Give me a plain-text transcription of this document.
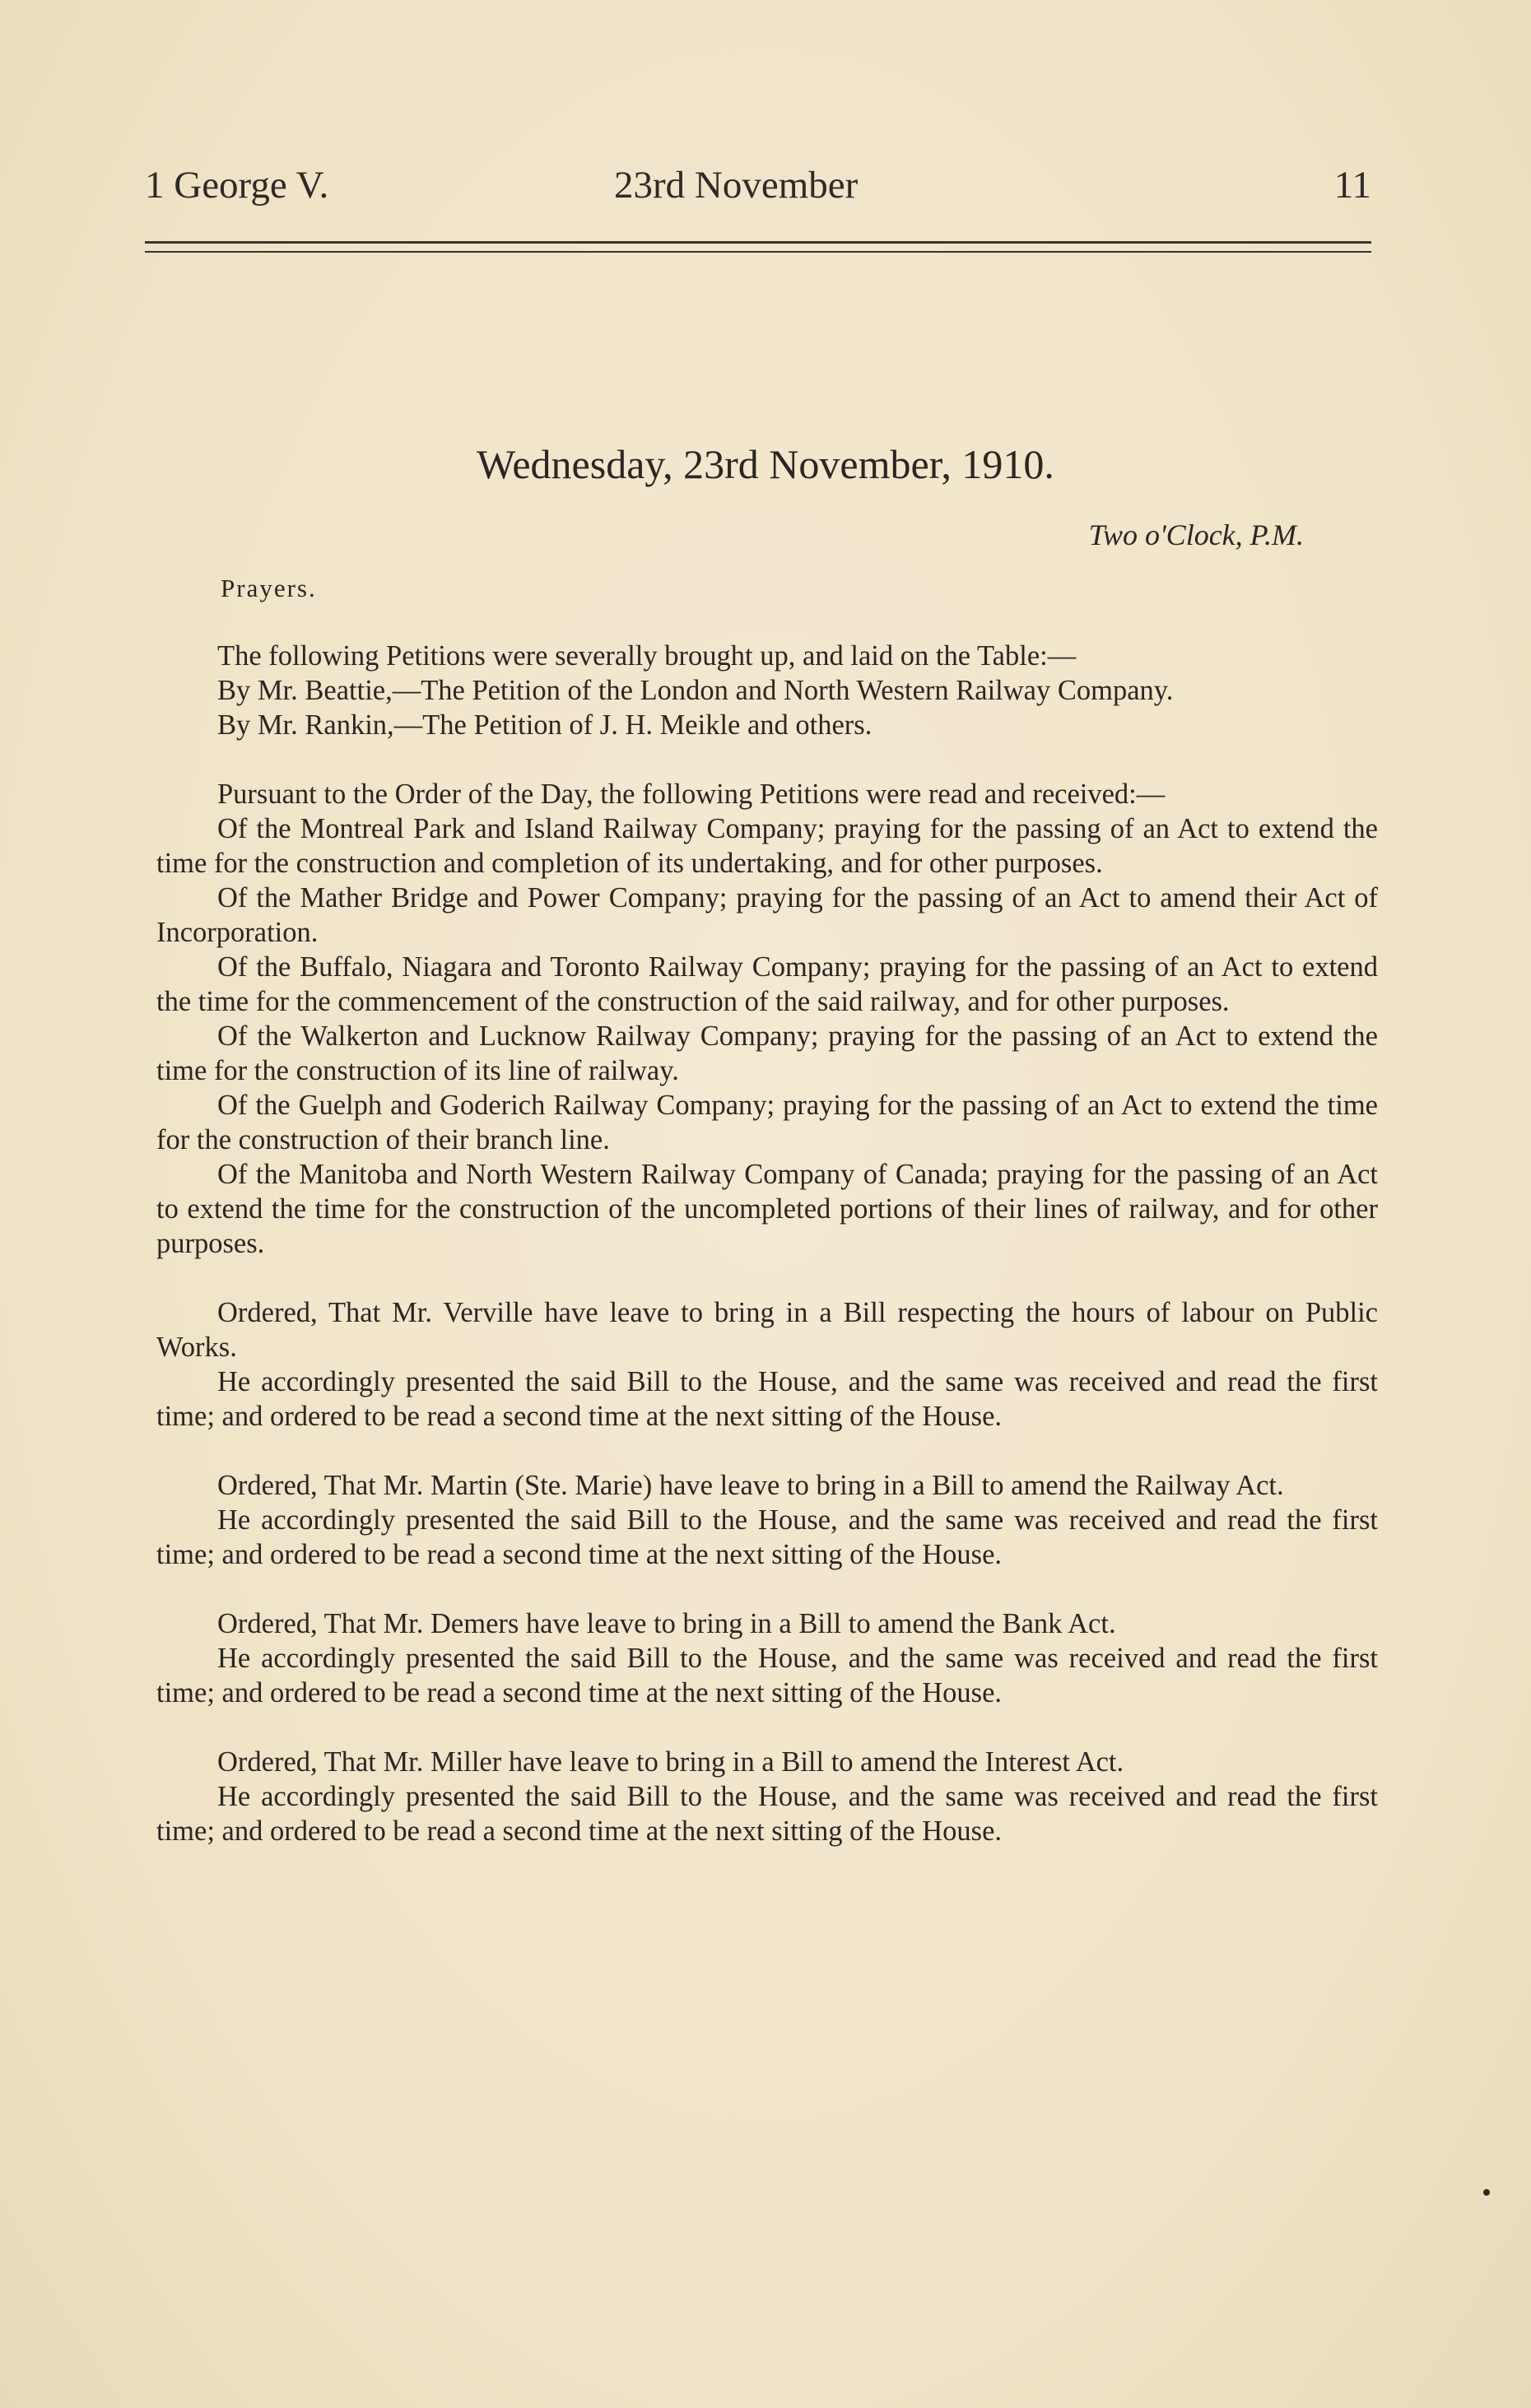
1 George V.	23rd November	11
Wednesday, 23rd November, 1910.
Two o'Clock, P.M.
Prayers.

The following Petitions were severally brought up, and laid on the Table:—

By Mr. Beattie,—The Petition of the London and North Western Railway Company.

By Mr. Rankin,—The Petition of J. H. Meikle and others.

Pursuant to the Order of the Day, the following Petitions were read and received:—

Of the Montreal Park and Island Railway Company; praying for the passing of an Act to extend the time for the construction and completion of its undertaking, and for other purposes.

Of the Mather Bridge and Power Company; praying for the passing of an Act to amend their Act of Incorporation.

Of the Buffalo, Niagara and Toronto Railway Company; praying for the passing of an Act to extend the time for the commencement of the construction of the said railway, and for other purposes.

Of the Walkerton and Lucknow Railway Company; praying for the passing of an Act to extend the time for the construction of its line of railway.

Of the Guelph and Goderich Railway Company; praying for the passing of an Act to extend the time for the construction of their branch line.

Of the Manitoba and North Western Railway Company of Canada; praying for the passing of an Act to extend the time for the construction of the uncompleted portions of their lines of railway, and for other purposes.

Ordered, That Mr. Verville have leave to bring in a Bill respecting the hours of labour on Public Works.

He accordingly presented the said Bill to the House, and the same was received and read the first time; and ordered to be read a second time at the next sitting of the House.

Ordered, That Mr. Martin (Ste. Marie) have leave to bring in a Bill to amend the Railway Act.

He accordingly presented the said Bill to the House, and the same was received and read the first time; and ordered to be read a second time at the next sitting of the House.

Ordered, That Mr. Demers have leave to bring in a Bill to amend the Bank Act.

He accordingly presented the said Bill to the House, and the same was received and read the first time; and ordered to be read a second time at the next sitting of the House.

Ordered, That Mr. Miller have leave to bring in a Bill to amend the Interest Act.

He accordingly presented the said Bill to the House, and the same was received and read the first time; and ordered to be read a second time at the next sitting of the House.
